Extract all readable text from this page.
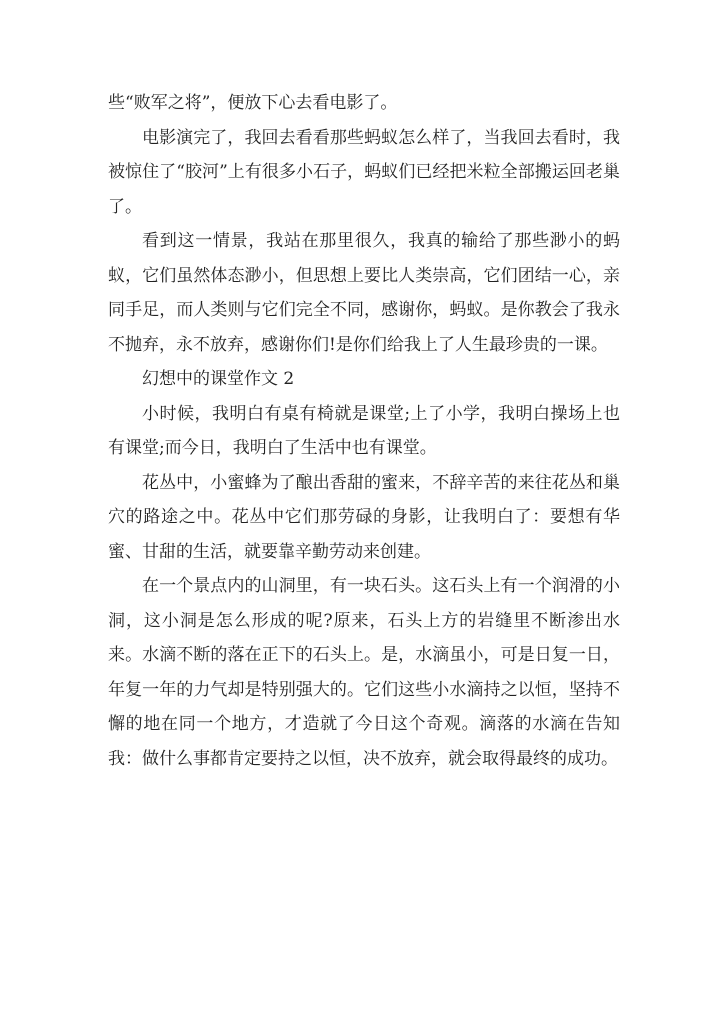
些“败军之将”，便放下心去看电影了。

电影演完了，我回去看看那些蚂蚁怎么样了，当我回去看时，我被惊住了“胶河”上有很多小石子，蚂蚁们已经把米粒全部搬运回老巢了。

看到这一情景，我站在那里很久，我真的输给了那些渺小的蚂蚁，它们虽然体态渺小，但思想上要比人类崇高，它们团结一心，亲同手足，而人类则与它们完全不同，感谢你，蚂蚁。是你教会了我永不抛弃，永不放弃，感谢你们!是你们给我上了人生最珍贵的一课。

幻想中的课堂作文 2

小时候，我明白有桌有椅就是课堂;上了小学，我明白操场上也有课堂;而今日，我明白了生活中也有课堂。

花丛中，小蜜蜂为了酿出香甜的蜜来，不辞辛苦的来往花丛和巢穴的路途之中。花丛中它们那劳碌的身影，让我明白了：要想有华蜜、甘甜的生活，就要靠辛勤劳动来创建。

在一个景点内的山洞里，有一块石头。这石头上有一个润滑的小洞，这小洞是怎么形成的呢?原来，石头上方的岩缝里不断渗出水来。水滴不断的落在正下的石头上。是，水滴虽小，可是日复一日，年复一年的力气却是特别强大的。它们这些小水滴持之以恒，坚持不懈的地在同一个地方，才造就了今日这个奇观。滴落的水滴在告知我：做什么事都肯定要持之以恒，决不放弃，就会取得最终的成功。
